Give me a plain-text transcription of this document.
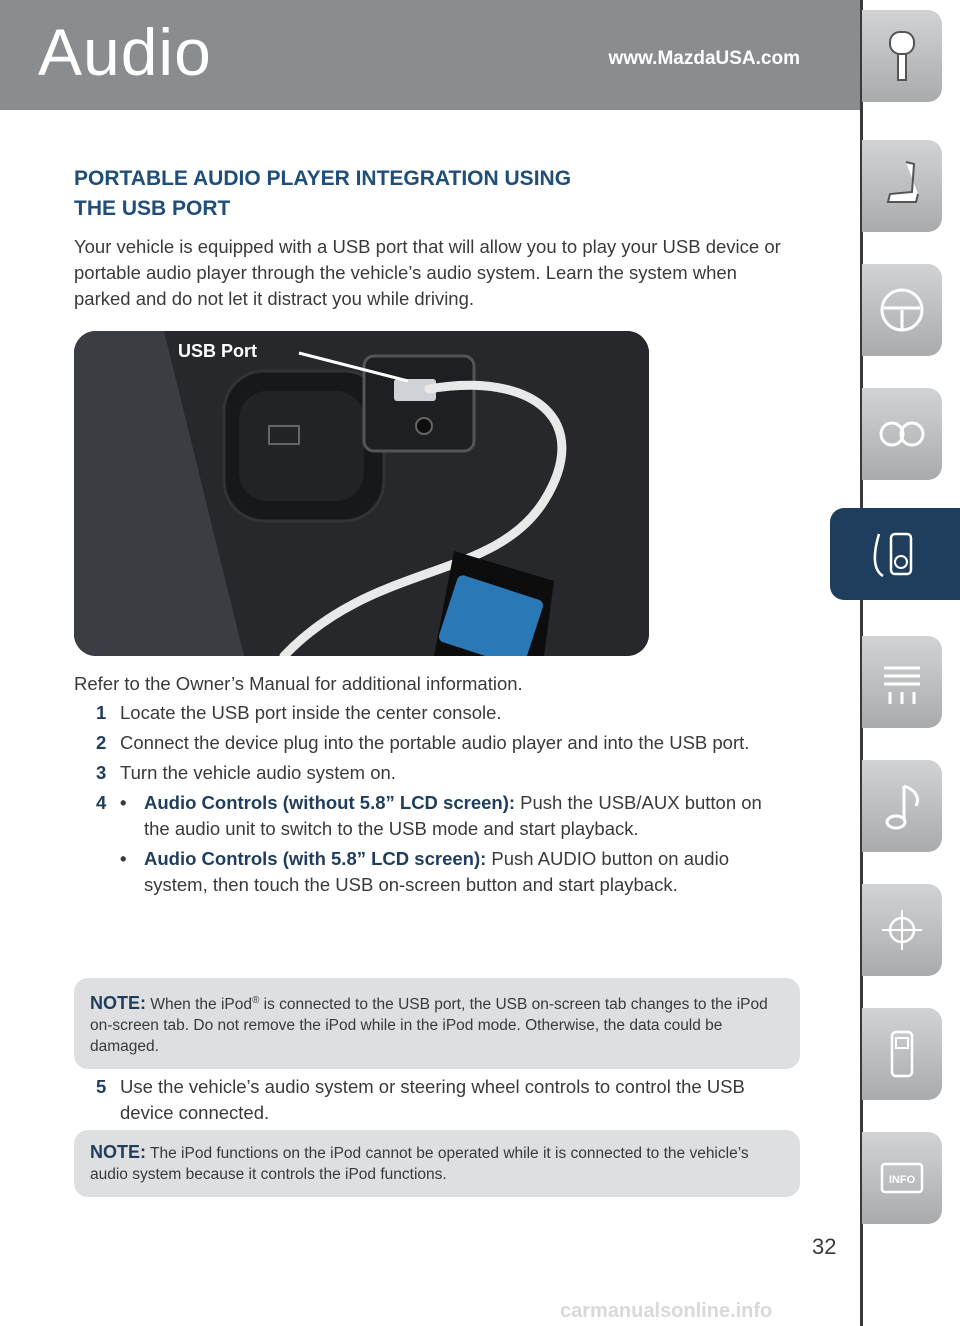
Audio	www.MazdaUSA.com
INFO
PORTABLE AUDIO PLAYER INTEGRATION USING
THE USB PORT
Your vehicle is equipped with a USB port that will allow you to play your USB device or portable audio player through the vehicle’s audio system. Learn the system when parked and do not let it distract you while driving.
USB Port
Refer to the Owner’s Manual for additional information.
1 Locate the USB port inside the center console.
2 Connect the device plug into the portable audio player and into the USB port.
3 Turn the vehicle audio system on.
4 • Audio Controls (without 5.8” LCD screen): Push the USB/AUX button on the audio unit to switch to the USB mode and start playback.
• Audio Controls (with 5.8” LCD screen): Push AUDIO button on audio system, then touch the USB on-screen button and start playback.
NOTE: When the iPod® is connected to the USB port, the USB on-screen tab changes to the iPod on-screen tab. Do not remove the iPod while in the iPod mode. Otherwise, the data could be damaged.
5 Use the vehicle’s audio system or steering wheel controls to control the USB device connected.
NOTE: The iPod functions on the iPod cannot be operated while it is connected to the vehicle’s audio system because it controls the iPod functions.
32
carmanualsonline.info
